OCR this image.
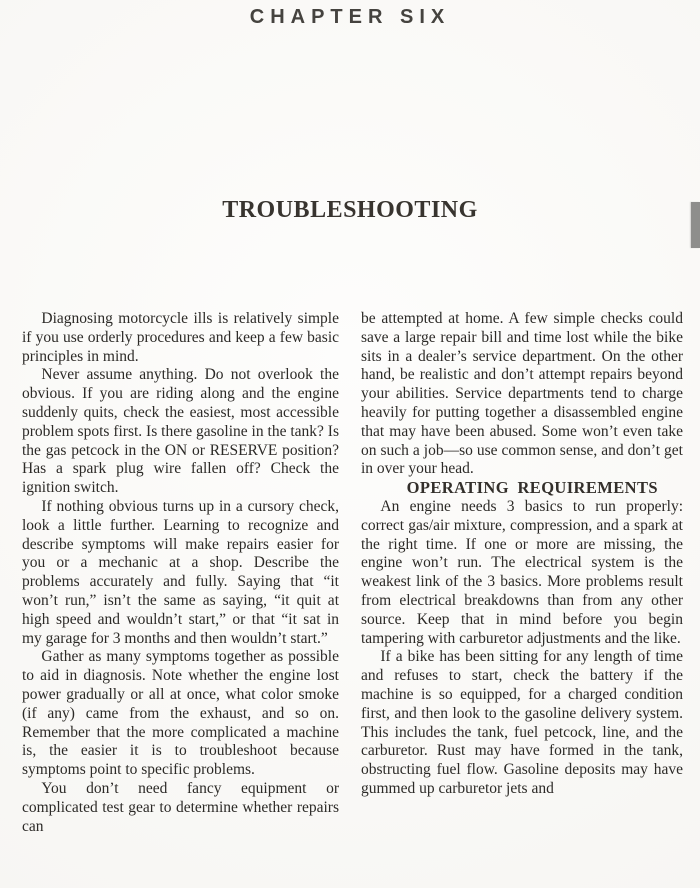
CHAPTER SIX
TROUBLESHOOTING

Diagnosing motorcycle ills is relatively simple if you use orderly procedures and keep a few basic principles in mind.

Never assume anything. Do not overlook the obvious. If you are riding along and the engine suddenly quits, check the easiest, most accessible problem spots first. Is there gasoline in the tank? Is the gas petcock in the ON or RESERVE position? Has a spark plug wire fallen off? Check the ignition switch.

If nothing obvious turns up in a cursory check, look a little further. Learning to recognize and describe symptoms will make repairs easier for you or a mechanic at a shop. Describe the problems accurately and fully. Saying that “it won’t run,” isn’t the same as saying, “it quit at high speed and wouldn’t start,” or that “it sat in my garage for 3 months and then wouldn’t start.”

Gather as many symptoms together as possible to aid in diagnosis. Note whether the engine lost power gradually or all at once, what color smoke (if any) came from the exhaust, and so on. Remember that the more complicated a machine is, the easier it is to troubleshoot because symptoms point to specific problems.

You don’t need fancy equipment or complicated test gear to determine whether repairs can

be attempted at home. A few simple checks could save a large repair bill and time lost while the bike sits in a dealer’s service department. On the other hand, be realistic and don’t attempt repairs beyond your abilities. Service departments tend to charge heavily for putting together a disassembled engine that may have been abused. Some won’t even take on such a job—so use common sense, and don’t get in over your head.

OPERATING REQUIREMENTS

An engine needs 3 basics to run properly: correct gas/air mixture, compression, and a spark at the right time. If one or more are missing, the engine won’t run. The electrical system is the weakest link of the 3 basics. More problems result from electrical breakdowns than from any other source. Keep that in mind before you begin tampering with carburetor adjustments and the like.

If a bike has been sitting for any length of time and refuses to start, check the battery if the machine is so equipped, for a charged condition first, and then look to the gasoline delivery system. This includes the tank, fuel petcock, line, and the carburetor. Rust may have formed in the tank, obstructing fuel flow. Gasoline deposits may have gummed up carburetor jets and
